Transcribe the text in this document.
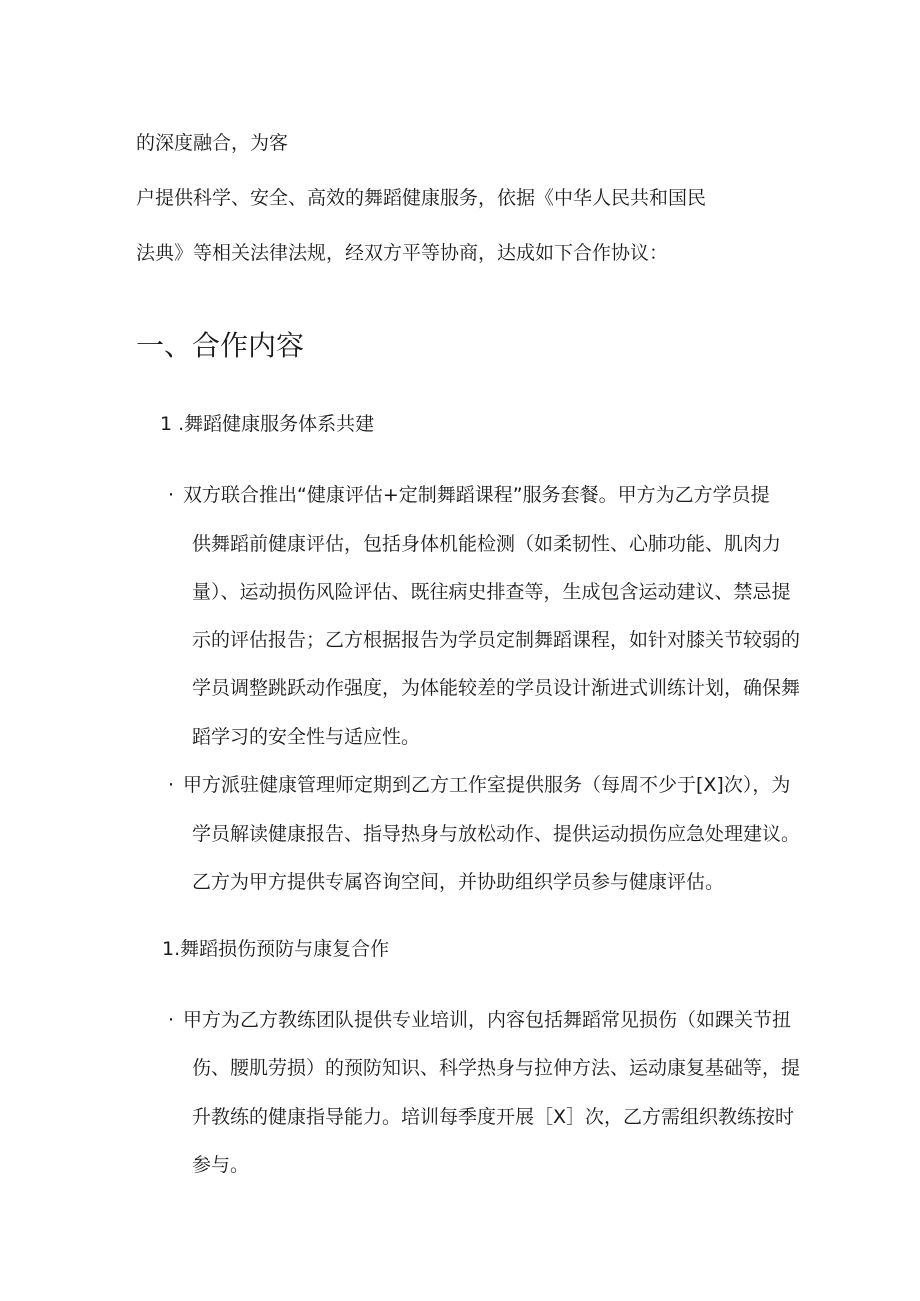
的深度融合，为客

户提供科学、安全、高效的舞蹈健康服务，依据《中华人民共和国民

法典》等相关法律法规，经双方平等协商，达成如下合作协议：

一、合作内容

1 .舞蹈健康服务体系共建

· 双方联合推出“健康评估+定制舞蹈课程”服务套餐。甲方为乙方学员提

供舞蹈前健康评估，包括身体机能检测（如柔韧性、心肺功能、肌肉力

量）、运动损伤风险评估、既往病史排查等，生成包含运动建议、禁忌提

示的评估报告；乙方根据报告为学员定制舞蹈课程，如针对膝关节较弱的

学员调整跳跃动作强度，为体能较差的学员设计渐进式训练计划，确保舞

蹈学习的安全性与适应性。

· 甲方派驻健康管理师定期到乙方工作室提供服务（每周不少于[X]次），为

学员解读健康报告、指导热身与放松动作、提供运动损伤应急处理建议。

乙方为甲方提供专属咨询空间，并协助组织学员参与健康评估。

1.舞蹈损伤预防与康复合作

· 甲方为乙方教练团队提供专业培训，内容包括舞蹈常见损伤（如踝关节扭

伤、腰肌劳损）的预防知识、科学热身与拉伸方法、运动康复基础等，提

升教练的健康指导能力。培训每季度开展［X］次，乙方需组织教练按时

参与。
